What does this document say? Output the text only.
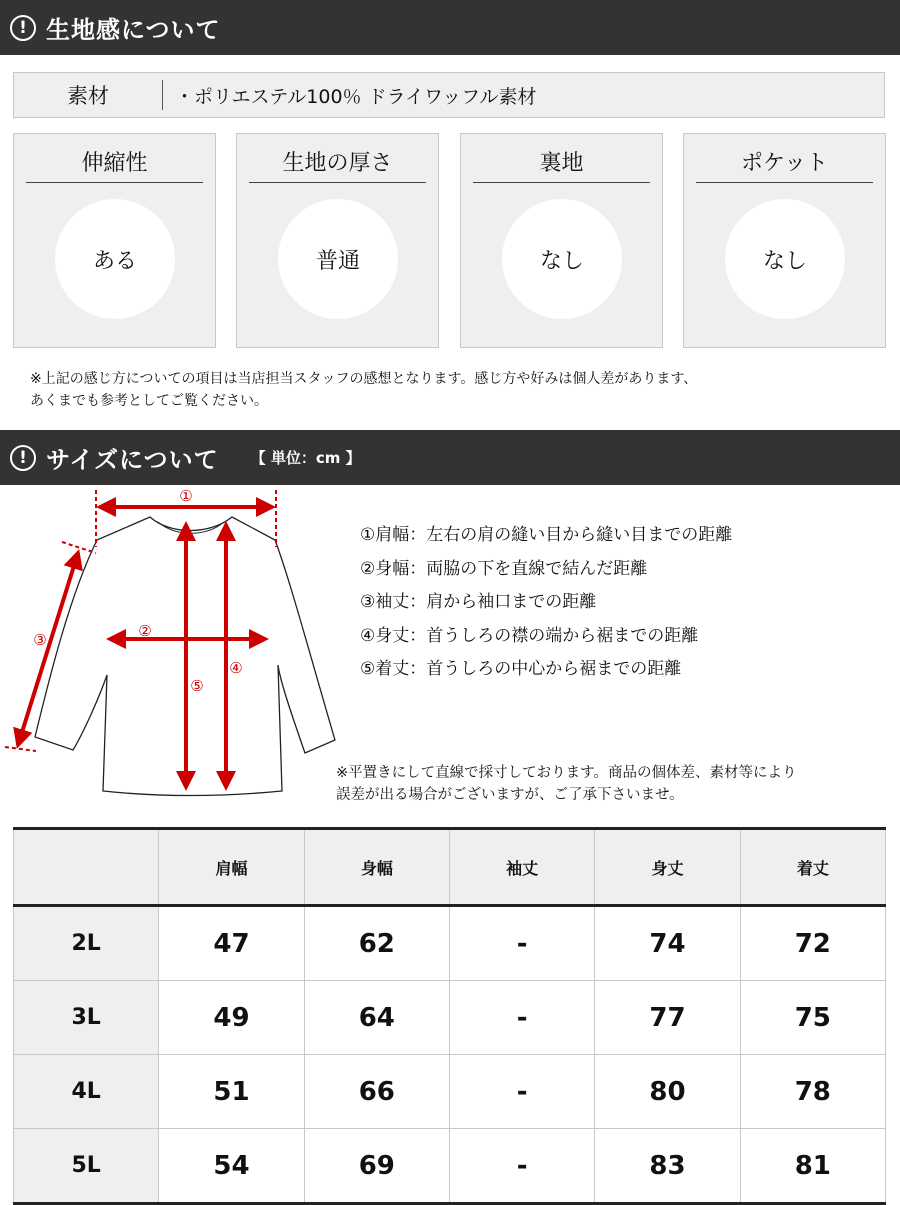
! 生地感について
素材	・ポリエステル100％ ドライワッフル素材
伸縮性
ある
生地の厚さ
普通
裏地
なし
ポケット
なし
※上記の感じ方についての項目は当店担当スタッフの感想となります。感じ方や好みは個人差があります、
あくまでも参考としてご覧ください。
! サイズについて 【 単位：cm 】
①
②
③
④
⑤
①肩幅：左右の肩の縫い目から縫い目までの距離
②身幅：両脇の下を直線で結んだ距離
③袖丈：肩から袖口までの距離
④身丈：首うしろの襟の端から裾までの距離
⑤着丈：首うしろの中心から裾までの距離
※平置きにして直線で採寸しております。商品の個体差、素材等により
誤差が出る場合がございますが、ご了承下さいませ。
	肩幅	身幅	袖丈	身丈	着丈
2L	47	62	-	74	72
3L	49	64	-	77	75
4L	51	66	-	80	78
5L	54	69	-	83	81
